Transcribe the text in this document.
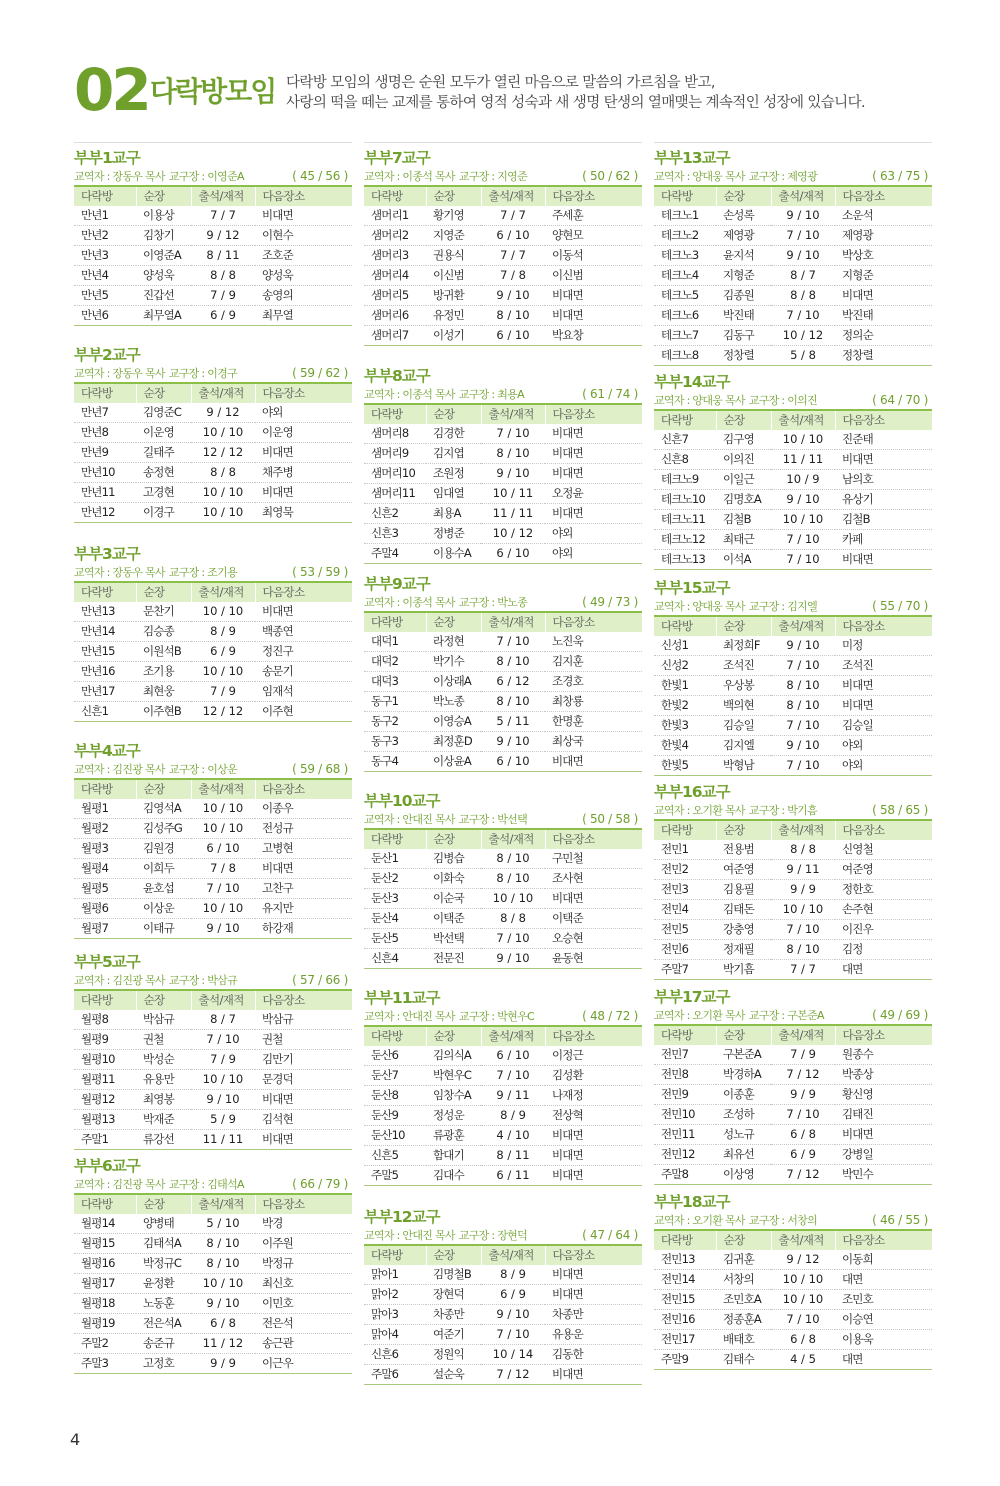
02 다락방모임 다락방 모임의 생명은 순원 모두가 열린 마음으로 말씀의 가르침을 받고,
사랑의 떡을 떼는 교제를 통하여 영적 성숙과 새 생명 탄생의 열매맺는 계속적인 성장에 있습니다.
부부1교구
교역자 : 장동우 목사 교구장 : 이영준A	( 45 / 56 )
다락방	순장	출석/재적	다음장소
만년1	이용상	7 / 7	비대면
만년2	김창기	9 / 12	이현수
만년3	이영준A	8 / 11	조호준
만년4	양성욱	8 / 8	양성욱
만년5	진갑선	7 / 9	송영의
만년6	최무열A	6 / 9	최무열
부부2교구
교역자 : 장동우 목사 교구장 : 이경구	( 59 / 62 )
다락방	순장	출석/재적	다음장소
만년7	김영준C	9 / 12	야외
만년8	이운영	10 / 10	이운영
만년9	길태주	12 / 12	비대면
만년10	송정현	8 / 8	채주병
만년11	고경현	10 / 10	비대면
만년12	이경구	10 / 10	최영묵
부부3교구
교역자 : 장동우 목사 교구장 : 조기용	( 53 / 59 )
다락방	순장	출석/재적	다음장소
만년13	문찬기	10 / 10	비대면
만년14	김승종	8 / 9	백종연
만년15	이원석B	6 / 9	정진구
만년16	조기용	10 / 10	송문기
만년17	최현웅	7 / 9	임재석
신흔1	이주현B	12 / 12	이주현
부부4교구
교역자 : 김진광 목사 교구장 : 이상운	( 59 / 68 )
다락방	순장	출석/재적	다음장소
월평1	김영석A	10 / 10	이종우
월평2	김성주G	10 / 10	전성규
월평3	김원경	6 / 10	고병현
월평4	이희두	7 / 8	비대면
월평5	윤호섭	7 / 10	고찬구
월평6	이상운	10 / 10	유지만
월평7	이태규	9 / 10	하강재
부부5교구
교역자 : 김진광 목사 교구장 : 박삼규	( 57 / 66 )
다락방	순장	출석/재적	다음장소
월평8	박삼규	8 / 7	박삼규
월평9	권철	7 / 10	권철
월평10	박성순	7 / 9	김만기
월평11	유용만	10 / 10	문경덕
월평12	최영봉	9 / 10	비대면
월평13	박재준	5 / 9	김석현
주말1	류강선	11 / 11	비대면
부부6교구
교역자 : 김진광 목사 교구장 : 김태석A	( 66 / 79 )
다락방	순장	출석/재적	다음장소
월평14	양병태	5 / 10	박경
월평15	김태석A	8 / 10	이주원
월평16	박정규C	8 / 10	박정규
월평17	윤정환	10 / 10	최신호
월평18	노동훈	9 / 10	이민호
월평19	전은석A	6 / 8	전은석
주말2	송준규	11 / 12	송근관
주말3	고정호	9 / 9	이근우
부부7교구
교역자 : 이종석 목사 교구장 : 지영준	( 50 / 62 )
다락방	순장	출석/재적	다음장소
샘머리1	황기영	7 / 7	주세훈
샘머리2	지영준	6 / 10	양현모
샘머리3	권용식	7 / 7	이동석
샘머리4	이신범	7 / 8	이신범
샘머리5	방귀환	9 / 10	비대면
샘머리6	유정민	8 / 10	비대면
샘머리7	이성기	6 / 10	박요창
부부8교구
교역자 : 이종석 목사 교구장 : 최용A	( 61 / 74 )
다락방	순장	출석/재적	다음장소
샘머리8	김경한	7 / 10	비대면
샘머리9	김지엽	8 / 10	비대면
샘머리10	조원정	9 / 10	비대면
샘머리11	임대열	10 / 11	오정윤
신흔2	최용A	11 / 11	비대면
신흔3	정병준	10 / 12	야외
주말4	이용수A	6 / 10	야외
부부9교구
교역자 : 이종석 목사 교구장 : 박노종	( 49 / 73 )
다락방	순장	출석/재적	다음장소
대덕1	라정현	7 / 10	노진욱
대덕2	박기수	8 / 10	김지훈
대덕3	이상래A	6 / 12	조경호
동구1	박노종	8 / 10	최창룡
동구2	이영승A	5 / 11	한명훈
동구3	최정훈D	9 / 10	최상국
동구4	이상윤A	6 / 10	비대면
부부10교구
교역자 : 안대진 목사 교구장 : 박선택	( 50 / 58 )
다락방	순장	출석/재적	다음장소
둔산1	김병습	8 / 10	구민철
둔산2	이화숙	8 / 10	조사현
둔산3	이순국	10 / 10	비대면
둔산4	이택준	8 / 8	이택준
둔산5	박선택	7 / 10	오승현
신흔4	전문진	9 / 10	윤동현
부부11교구
교역자 : 안대진 목사 교구장 : 박현우C	( 48 / 72 )
다락방	순장	출석/재적	다음장소
둔산6	김의식A	6 / 10	이정근
둔산7	박현우C	7 / 10	김성환
둔산8	임창수A	9 / 11	나재정
둔산9	정성운	8 / 9	전상혁
둔산10	류광훈	4 / 10	비대면
신흔5	함대기	8 / 11	비대면
주말5	김대수	6 / 11	비대면
부부12교구
교역자 : 안대진 목사 교구장 : 장현덕	( 47 / 64 )
다락방	순장	출석/재적	다음장소
맑아1	김명철B	8 / 9	비대면
맑아2	장현덕	6 / 9	비대면
맑아3	차종만	9 / 10	차종만
맑아4	여준기	7 / 10	유용운
신흔6	정원익	10 / 14	김동한
주말6	설순욱	7 / 12	비대면
부부13교구
교역자 : 양대웅 목사 교구장 : 제영광	( 63 / 75 )
다락방	순장	출석/재적	다음장소
테크노1	손성록	9 / 10	소운석
테크노2	제영광	7 / 10	제영광
테크노3	윤지석	9 / 10	박상호
테크노4	지형준	8 / 7	지형준
테크노5	김종원	8 / 8	비대면
테크노6	박진태	7 / 10	박진태
테크노7	김동구	10 / 12	정의순
테크노8	정창렬	5 / 8	정창렬
부부14교구
교역자 : 양대웅 목사 교구장 : 이의진	( 64 / 70 )
다락방	순장	출석/재적	다음장소
신흔7	김구영	10 / 10	진준태
신흔8	이의진	11 / 11	비대면
테크노9	이일근	10 / 9	남의호
테크노10	김명호A	9 / 10	유상기
테크노11	김철B	10 / 10	김철B
테크노12	최태근	7 / 10	카페
테크노13	이석A	7 / 10	비대면
부부15교구
교역자 : 양대웅 목사 교구장 : 김지엘	( 55 / 70 )
다락방	순장	출석/재적	다음장소
신성1	최정희F	9 / 10	미정
신성2	조석진	7 / 10	조석진
한빛1	우상봉	8 / 10	비대면
한빛2	백의현	8 / 10	비대면
한빛3	김승일	7 / 10	김승일
한빛4	김지엘	9 / 10	야외
한빛5	박형남	7 / 10	야외
부부16교구
교역자 : 오기환 목사 교구장 : 박기흠	( 58 / 65 )
다락방	순장	출석/재적	다음장소
전민1	전용범	8 / 8	신영철
전민2	여준영	9 / 11	여준영
전민3	김용필	9 / 9	정한호
전민4	김태돈	10 / 10	손주현
전민5	강충영	7 / 10	이진우
전민6	정재필	8 / 10	김정
주말7	박기흠	7 / 7	대면
부부17교구
교역자 : 오기환 목사 교구장 : 구본준A	( 49 / 69 )
다락방	순장	출석/재적	다음장소
전민7	구본준A	7 / 9	원종수
전민8	박경하A	7 / 12	박종상
전민9	이종훈	9 / 9	황신영
전민10	조성하	7 / 10	김태진
전민11	성노규	6 / 8	비대면
전민12	최유선	6 / 9	강병일
주말8	이상영	7 / 12	박민수
부부18교구
교역자 : 오기환 목사 교구장 : 서창의	( 46 / 55 )
다락방	순장	출석/재적	다음장소
전민13	김귀훈	9 / 12	이동희
전민14	서창의	10 / 10	대면
전민15	조민호A	10 / 10	조민호
전민16	정종훈A	7 / 10	이승연
전민17	배태호	6 / 8	이용욱
주말9	김태수	4 / 5	대면
4
